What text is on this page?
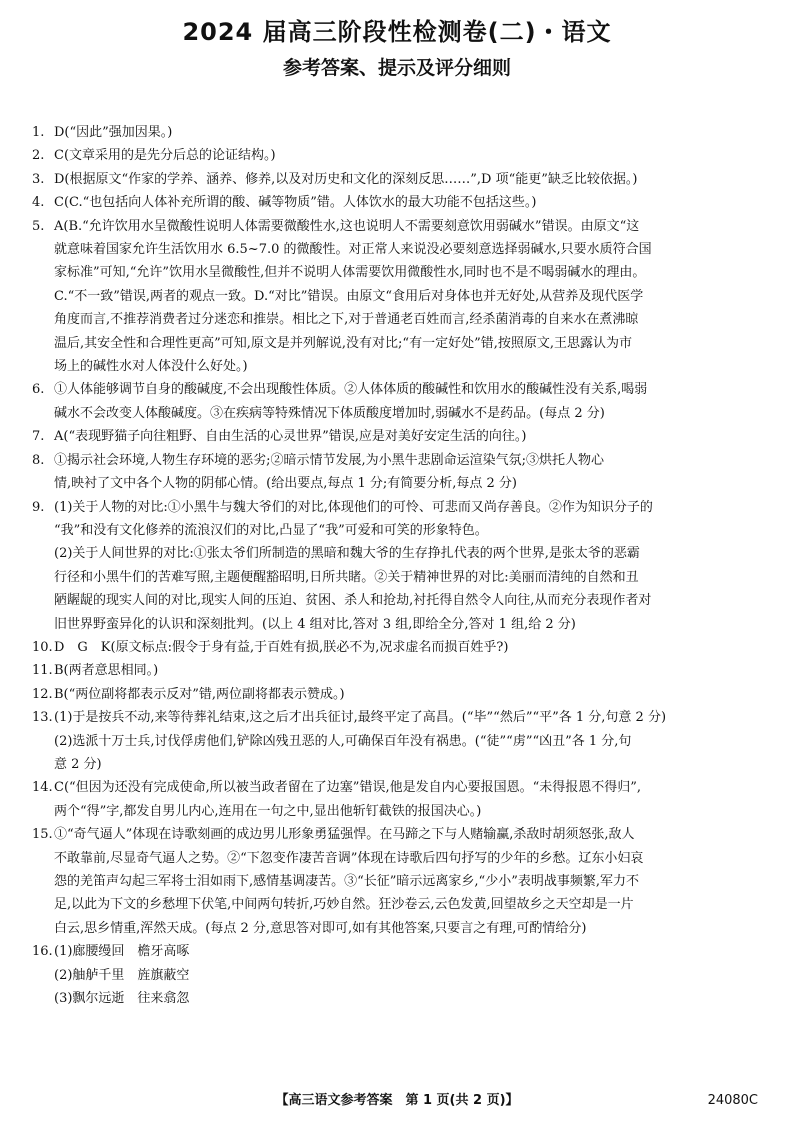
2024 届高三阶段性检测卷(二)・语文
参考答案、提示及评分细则
1. D(“因此”强加因果。)
2. C(文章采用的是先分后总的论证结构。)
3. D(根据原文“作家的学养、涵养、修养,以及对历史和文化的深刻反思……”,D 项“能更”缺乏比较依据。)
4. C(C.“也包括向人体补充所谓的酸、碱等物质”错。人体饮水的最大功能不包括这些。)
5. A(B.“允许饮用水呈微酸性说明人体需要微酸性水,这也说明人不需要刻意饮用弱碱水”错误。由原文“这
就意味着国家允许生活饮用水 6.5~7.0 的微酸性。对正常人来说没必要刻意选择弱碱水,只要水质符合国
家标准”可知,“允许”饮用水呈微酸性,但并不说明人体需要饮用微酸性水,同时也不是不喝弱碱水的理由。
C.“不一致”错误,两者的观点一致。D.“对比”错误。由原文“食用后对身体也并无好处,从营养及现代医学
角度而言,不推荐消费者过分迷恋和推崇。相比之下,对于普通老百姓而言,经杀菌消毒的自来水在煮沸晾
温后,其安全性和合理性更高”可知,原文是并列解说,没有对比;“有一定好处”错,按照原文,王思露认为市
场上的碱性水对人体没什么好处。)
6. ①人体能够调节自身的酸碱度,不会出现酸性体质。②人体体质的酸碱性和饮用水的酸碱性没有关系,喝弱
碱水不会改变人体酸碱度。③在疾病等特殊情况下体质酸度增加时,弱碱水不是药品。(每点 2 分)
7. A(“表现野猫子向往粗野、自由生活的心灵世界”错误,应是对美好安定生活的向往。)
8. ①揭示社会环境,人物生存环境的恶劣;②暗示情节发展,为小黑牛悲剧命运渲染气氛;③烘托人物心
情,映衬了文中各个人物的阴郁心情。(给出要点,每点 1 分;有简要分析,每点 2 分)
9. (1)关于人物的对比:①小黑牛与魏大爷们的对比,体现他们的可怜、可悲而又尚存善良。②作为知识分子的
“我”和没有文化修养的流浪汉们的对比,凸显了“我”可爱和可笑的形象特色。
(2)关于人间世界的对比:①张太爷们所制造的黑暗和魏大爷的生存挣扎代表的两个世界,是张太爷的恶霸
行径和小黑牛们的苦难写照,主题便醒豁昭明,日所共睹。②关于精神世界的对比:美丽而清纯的自然和丑
陋龌龊的现实人间的对比,现实人间的压迫、贫困、杀人和抢劫,衬托得自然令人向往,从而充分表现作者对
旧世界野蛮异化的认识和深刻批判。(以上 4 组对比,答对 3 组,即给全分,答对 1 组,给 2 分)
10. D　G　K(原文标点:假令于身有益,于百姓有损,朕必不为,况求虚名而损百姓乎?)
11. B(两者意思相同。)
12. B(“两位副将都表示反对”错,两位副将都表示赞成。)
13. (1)于是按兵不动,来等待葬礼结束,这之后才出兵征讨,最终平定了高昌。(“毕”“然后”“平”各 1 分,句意 2 分)
(2)选派十万士兵,讨伐俘虏他们,铲除凶残丑恶的人,可确保百年没有祸患。(“徒”“虏”“凶丑”各 1 分,句
意 2 分)
14. C(“但因为还没有完成使命,所以被当政者留在了边塞”错误,他是发自内心要报国恩。“未得报恩不得归”,
两个“得”字,都发自男儿内心,连用在一句之中,显出他斩钉截铁的报国决心。)
15. ①“奇气逼人”体现在诗歌刻画的成边男儿形象勇猛强悍。在马蹄之下与人赌输赢,杀敌时胡须怒张,敌人
不敢靠前,尽显奇气逼人之势。②“下忽变作凄苦音调”体现在诗歌后四句抒写的少年的乡愁。辽东小妇哀
怨的羌笛声勾起三军将士泪如雨下,感情基调凄苦。③“长征”暗示远离家乡,“少小”表明战事频繁,军力不
足,以此为下文的乡愁埋下伏笔,中间两句转折,巧妙自然。狂沙卷云,云色发黄,回望故乡之天空却是一片
白云,思乡情重,浑然天成。(每点 2 分,意思答对即可,如有其他答案,只要言之有理,可酌情给分)
16. (1)廊腰缦回　檐牙高啄
(2)舳舻千里　旌旗蔽空
(3)飘尔远逝　往来翕忽
【高三语文参考答案　第 1 页(共 2 页)】	24080C
